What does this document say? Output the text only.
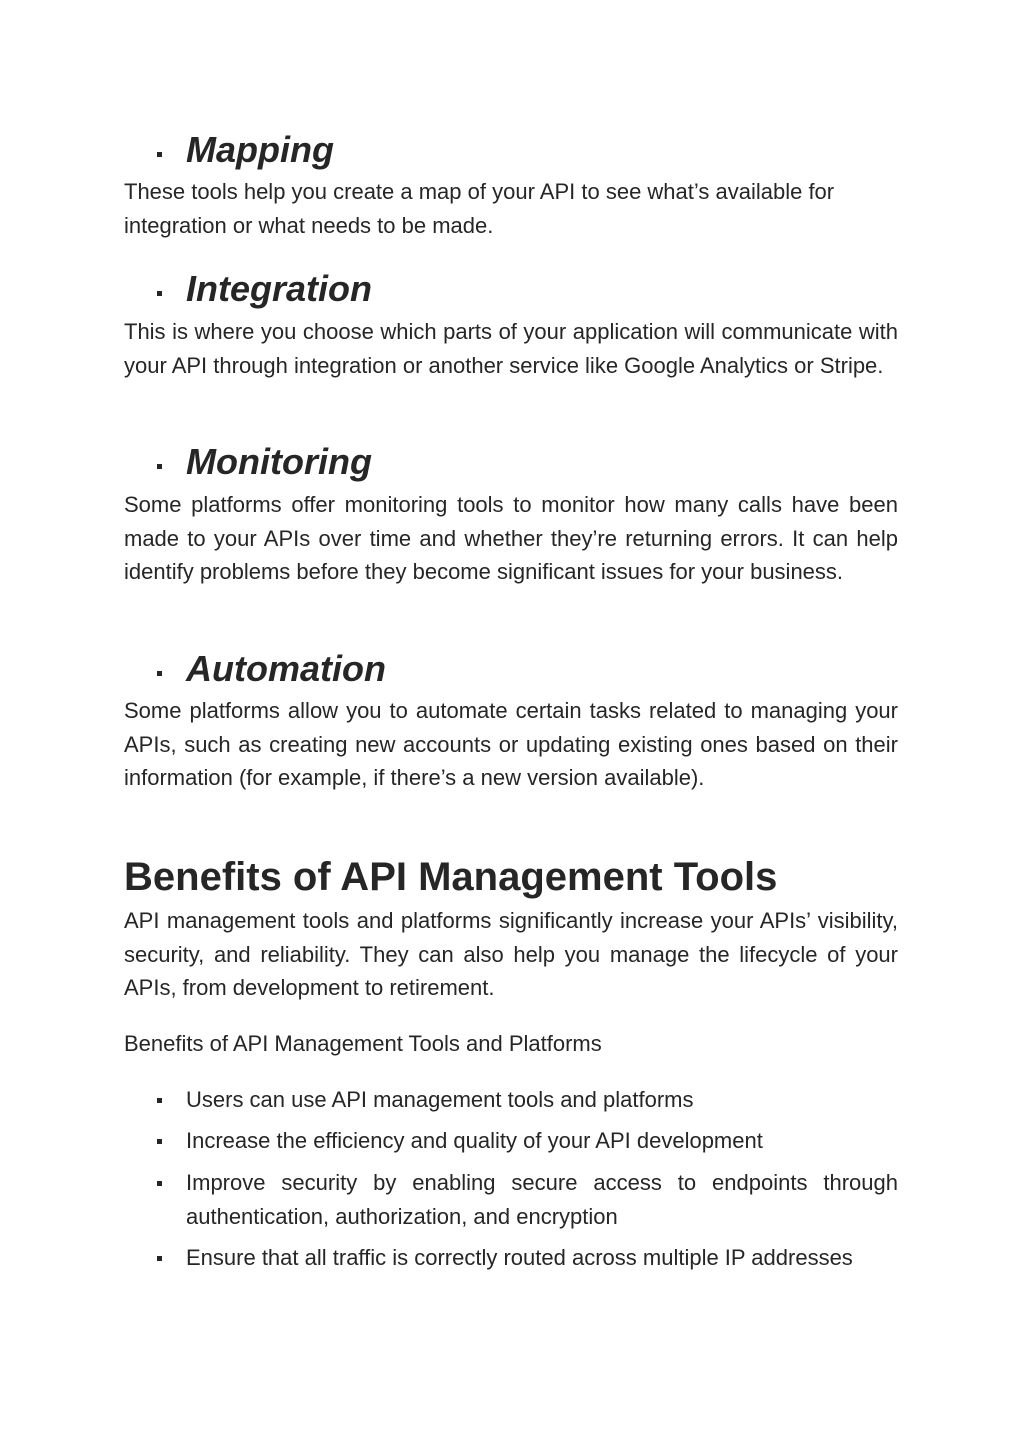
Mapping

These tools help you create a map of your API to see what’s available for integration or what needs to be made.

Integration

This is where you choose which parts of your application will communicate with your API through integration or another service like Google Analytics or Stripe.

Monitoring

Some platforms offer monitoring tools to monitor how many calls have been made to your APIs over time and whether they’re returning errors. It can help identify problems before they become significant issues for your business.

Automation

Some platforms allow you to automate certain tasks related to managing your APIs, such as creating new accounts or updating existing ones based on their information (for example, if there’s a new version available).

Benefits of API Management Tools

API management tools and platforms significantly increase your APIs’ visibility, security, and reliability. They can also help you manage the lifecycle of your APIs, from development to retirement.

Benefits of API Management Tools and Platforms

Users can use API management tools and platforms

Increase the efficiency and quality of your API development

Improve security by enabling secure access to endpoints through authentication, authorization, and encryption

Ensure that all traffic is correctly routed across multiple IP addresses
